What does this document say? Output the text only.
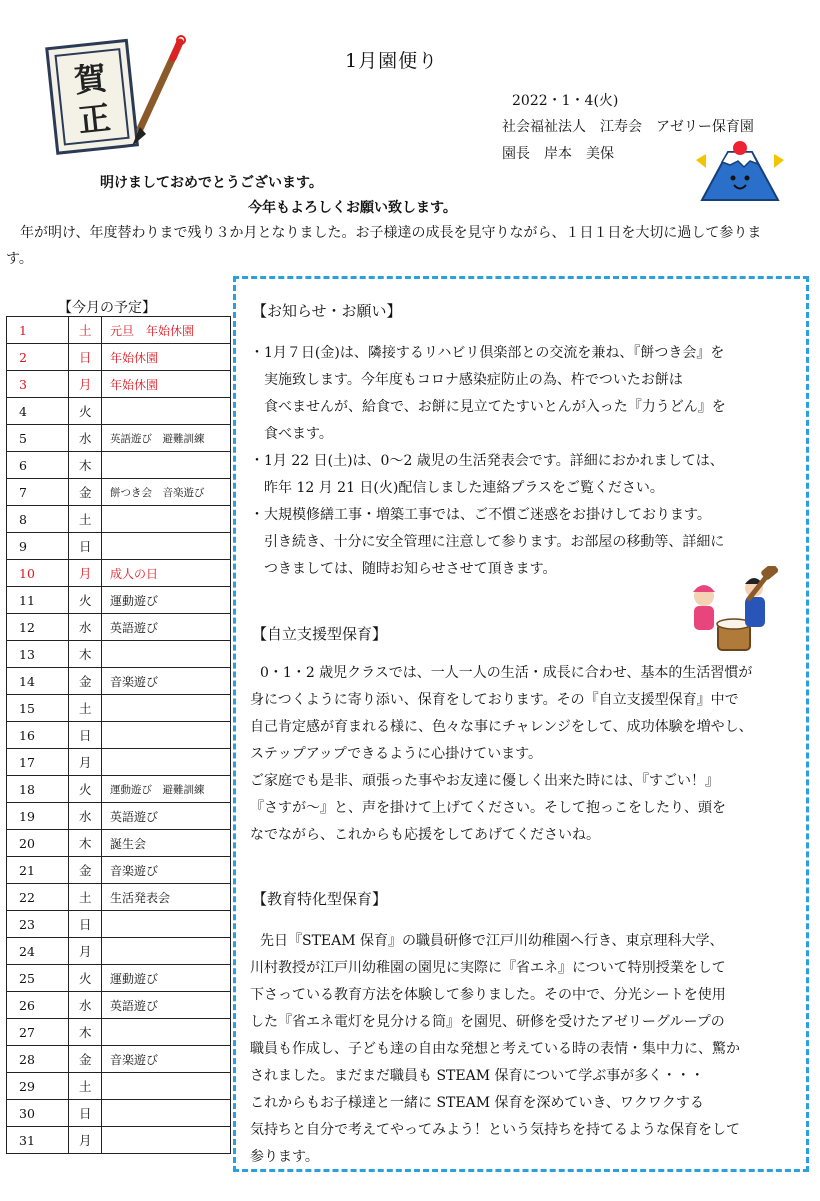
賀
正
1月園便り
2022・1・4(火)
社会福祉法人　江寿会　アゼリー保育園
園長　岸本　美保
明けましておめでとうございます。
今年もよろしくお願い致します。
年が明け、年度替わりまで残り３か月となりました。お子様達の成長を見守りながら、１日１日を大切に過して参ります。
【今月の予定】
1	土	元旦　年始休園
2	日	年始休園
3	月	年始休園
4	火	
5	水	英語遊び　避難訓練
6	木	
7	金	餅つき会　音楽遊び
8	土	
9	日	
10	月	成人の日
11	火	運動遊び
12	水	英語遊び
13	木	
14	金	音楽遊び
15	土	
16	日	
17	月	
18	火	運動遊び　避難訓練
19	水	英語遊び
20	木	誕生会
21	金	音楽遊び
22	土	生活発表会
23	日	
24	月	
25	火	運動遊び
26	水	英語遊び
27	木	
28	金	音楽遊び
29	土	
30	日	
31	月	
【お知らせ・お願い】
・1月７日(金)は、隣接するリハビリ倶楽部との交流を兼ね、『餅つき会』を
実施致します。今年度もコロナ感染症防止の為、杵でついたお餅は
食べませんが、給食で、お餅に見立てたすいとんが入った『力うどん』を
食べます。
・1月 22 日(土)は、0～2 歳児の生活発表会です。詳細におかれましては、
昨年 12 月 21 日(火)配信しました連絡プラスをご覧ください。
・大規模修繕工事・増築工事では、ご不慣ご迷惑をお掛けしております。
引き続き、十分に安全管理に注意して参ります。お部屋の移動等、詳細に
つきましては、随時お知らせさせて頂きます。
【自立支援型保育】
0・1・2 歳児クラスでは、一人一人の生活・成長に合わせ、基本的生活習慣が
身につくように寄り添い、保育をしております。その『自立支援型保育』中で
自己肯定感が育まれる様に、色々な事にチャレンジをして、成功体験を増やし、
ステップアップできるように心掛けています。
ご家庭でも是非、頑張った事やお友達に優しく出来た時には、『すごい！』
『さすが～』と、声を掛けて上げてください。そして抱っこをしたり、頭を
なでながら、これからも応援をしてあげてくださいね。
【教育特化型保育】
先日『STEAM 保育』の職員研修で江戸川幼稚園へ行き、東京理科大学、
川村教授が江戸川幼稚園の園児に実際に『省エネ』について特別授業をして
下さっている教育方法を体験して参りました。その中で、分光シートを使用
した『省エネ電灯を見分ける筒』を園児、研修を受けたアゼリーグループの
職員も作成し、子ども達の自由な発想と考えている時の表情・集中力に、驚か
されました。まだまだ職員も STEAM 保育について学ぶ事が多く・・・
これからもお子様達と一緒に STEAM 保育を深めていき、ワクワクする
気持ちと自分で考えてやってみよう！という気持ちを持てるような保育をして
参ります。
